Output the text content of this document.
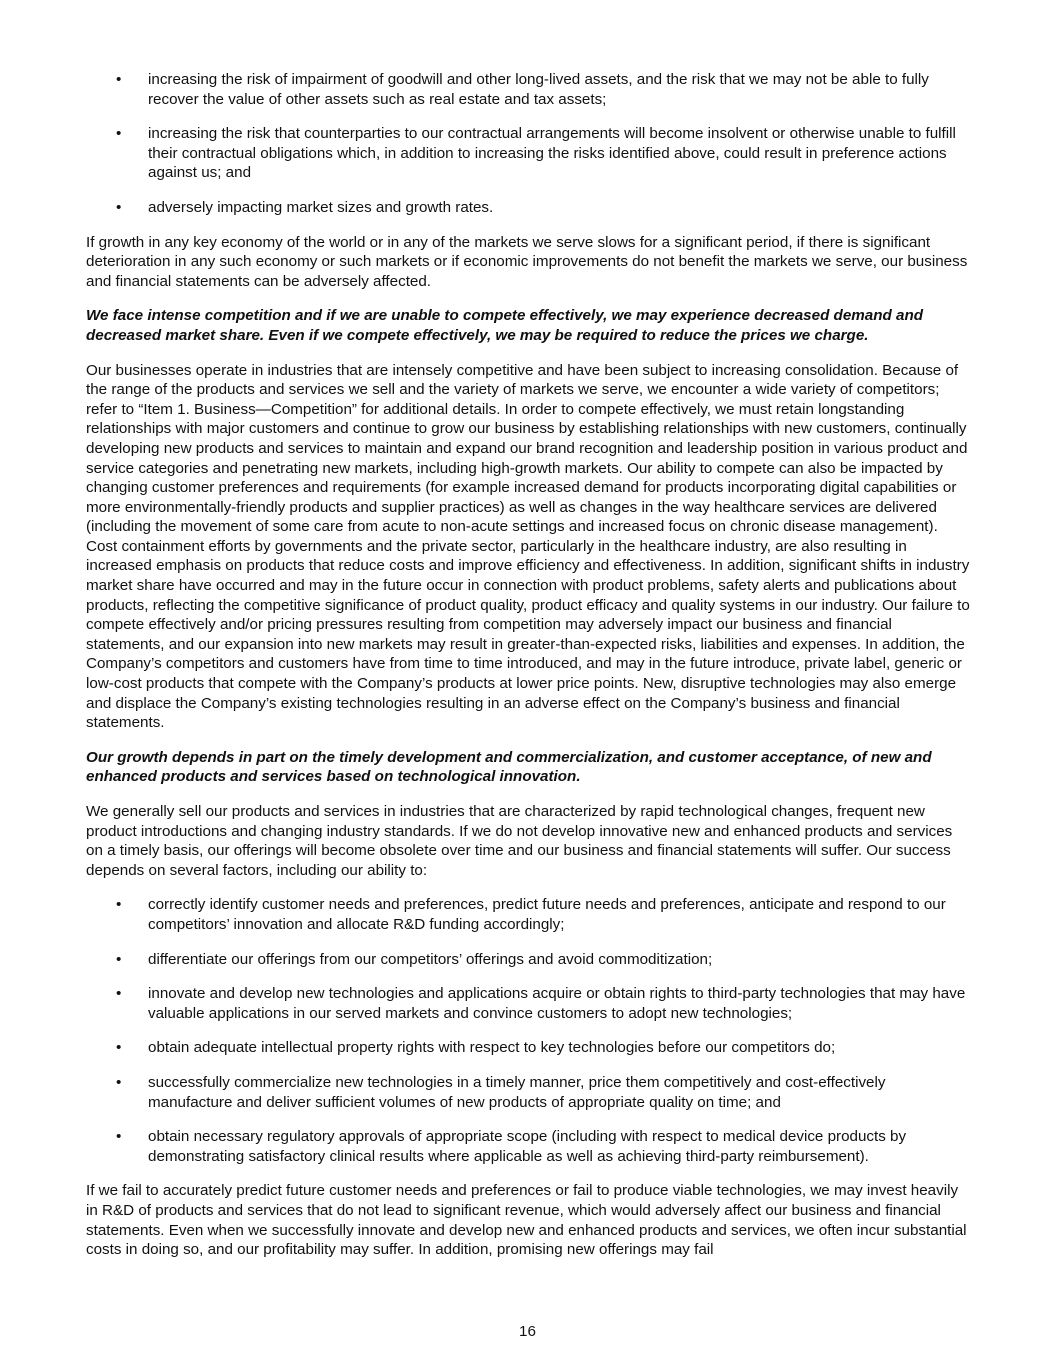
• increasing the risk of impairment of goodwill and other long-lived assets, and the risk that we may not be able to fully recover the value of other assets such as real estate and tax assets;
• increasing the risk that counterparties to our contractual arrangements will become insolvent or otherwise unable to fulfill their contractual obligations which, in addition to increasing the risks identified above, could result in preference actions against us; and
• adversely impacting market sizes and growth rates.

If growth in any key economy of the world or in any of the markets we serve slows for a significant period, if there is significant deterioration in any such economy or such markets or if economic improvements do not benefit the markets we serve, our business and financial statements can be adversely affected.

We face intense competition and if we are unable to compete effectively, we may experience decreased demand and decreased market share. Even if we compete effectively, we may be required to reduce the prices we charge.

Our businesses operate in industries that are intensely competitive and have been subject to increasing consolidation. Because of the range of the products and services we sell and the variety of markets we serve, we encounter a wide variety of competitors; refer to “Item 1. Business—Competition” for additional details. In order to compete effectively, we must retain longstanding relationships with major customers and continue to grow our business by establishing relationships with new customers, continually developing new products and services to maintain and expand our brand recognition and leadership position in various product and service categories and penetrating new markets, including high-growth markets. Our ability to compete can also be impacted by changing customer preferences and requirements (for example increased demand for products incorporating digital capabilities or more environmentally-friendly products and supplier practices) as well as changes in the way healthcare services are delivered (including the movement of some care from acute to non-acute settings and increased focus on chronic disease management). Cost containment efforts by governments and the private sector, particularly in the healthcare industry, are also resulting in increased emphasis on products that reduce costs and improve efficiency and effectiveness. In addition, significant shifts in industry market share have occurred and may in the future occur in connection with product problems, safety alerts and publications about products, reflecting the competitive significance of product quality, product efficacy and quality systems in our industry. Our failure to compete effectively and/or pricing pressures resulting from competition may adversely impact our business and financial statements, and our expansion into new markets may result in greater-than-expected risks, liabilities and expenses. In addition, the Company’s competitors and customers have from time to time introduced, and may in the future introduce, private label, generic or low-cost products that compete with the Company’s products at lower price points. New, disruptive technologies may also emerge and displace the Company’s existing technologies resulting in an adverse effect on the Company’s business and financial statements.

Our growth depends in part on the timely development and commercialization, and customer acceptance, of new and enhanced products and services based on technological innovation.

We generally sell our products and services in industries that are characterized by rapid technological changes, frequent new product introductions and changing industry standards. If we do not develop innovative new and enhanced products and services on a timely basis, our offerings will become obsolete over time and our business and financial statements will suffer. Our success depends on several factors, including our ability to:

• correctly identify customer needs and preferences, predict future needs and preferences, anticipate and respond to our competitors’ innovation and allocate R&D funding accordingly;
• differentiate our offerings from our competitors’ offerings and avoid commoditization;
• innovate and develop new technologies and applications acquire or obtain rights to third-party technologies that may have valuable applications in our served markets and convince customers to adopt new technologies;
• obtain adequate intellectual property rights with respect to key technologies before our competitors do;
• successfully commercialize new technologies in a timely manner, price them competitively and cost-effectively manufacture and deliver sufficient volumes of new products of appropriate quality on time; and
• obtain necessary regulatory approvals of appropriate scope (including with respect to medical device products by demonstrating satisfactory clinical results where applicable as well as achieving third-party reimbursement).

If we fail to accurately predict future customer needs and preferences or fail to produce viable technologies, we may invest heavily in R&D of products and services that do not lead to significant revenue, which would adversely affect our business and financial statements. Even when we successfully innovate and develop new and enhanced products and services, we often incur substantial costs in doing so, and our profitability may suffer. In addition, promising new offerings may fail

16
